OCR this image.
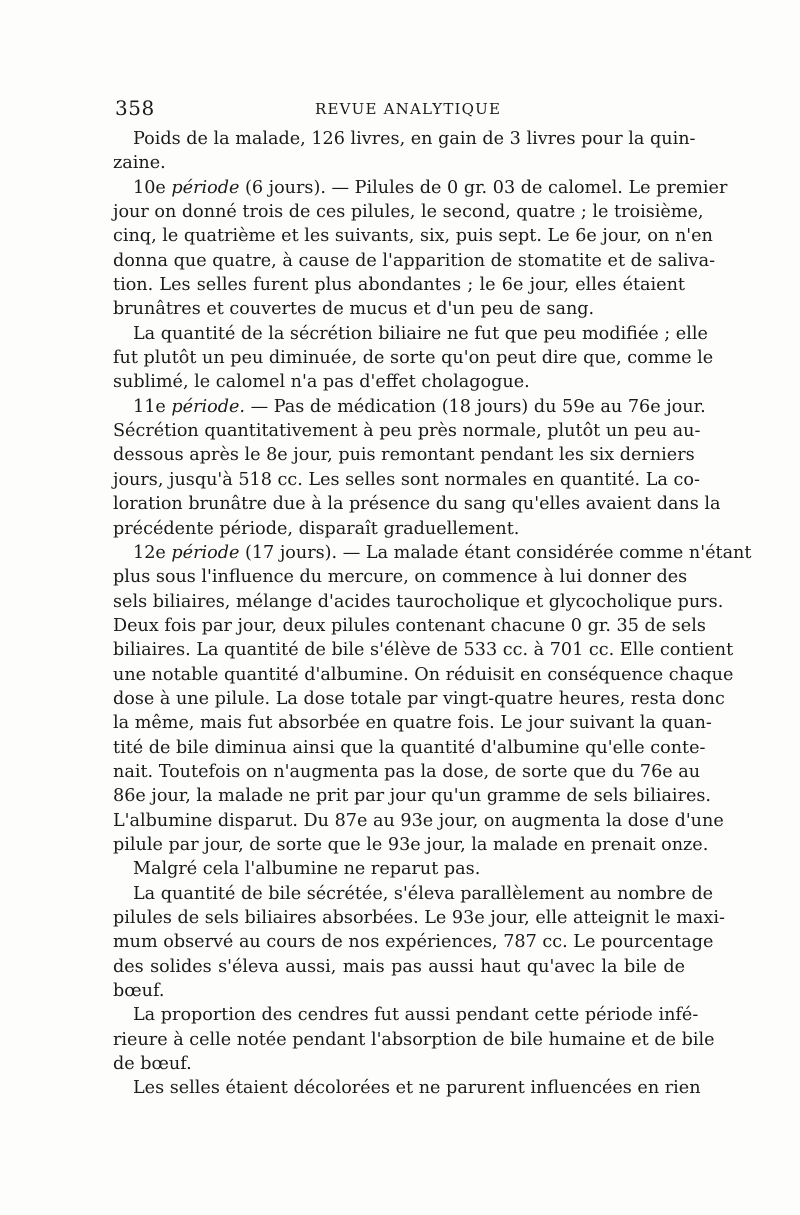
358	REVUE ANALYTIQUE
Poids de la malade, 126 livres, en gain de 3 livres pour la quin-
zaine.
10e période (6 jours). — Pilules de 0 gr. 03 de calomel. Le premier
jour on donné trois de ces pilules, le second, quatre ; le troisième,
cinq, le quatrième et les suivants, six, puis sept. Le 6e jour, on n'en
donna que quatre, à cause de l'apparition de stomatite et de saliva-
tion. Les selles furent plus abondantes ; le 6e jour, elles étaient
brunâtres et couvertes de mucus et d'un peu de sang.
La quantité de la sécrétion biliaire ne fut que peu modifiée ; elle
fut plutôt un peu diminuée, de sorte qu'on peut dire que, comme le
sublimé, le calomel n'a pas d'effet cholagogue.
11e période. — Pas de médication (18 jours) du 59e au 76e jour.
Sécrétion quantitativement à peu près normale, plutôt un peu au-
dessous après le 8e jour, puis remontant pendant les six derniers
jours, jusqu'à 518 cc. Les selles sont normales en quantité. La co-
loration brunâtre due à la présence du sang qu'elles avaient dans la
précédente période, disparaît graduellement.
12e période (17 jours). — La malade étant considérée comme n'étant
plus sous l'influence du mercure, on commence à lui donner des
sels biliaires, mélange d'acides taurocholique et glycocholique purs.
Deux fois par jour, deux pilules contenant chacune 0 gr. 35 de sels
biliaires. La quantité de bile s'élève de 533 cc. à 701 cc. Elle contient
une notable quantité d'albumine. On réduisit en conséquence chaque
dose à une pilule. La dose totale par vingt-quatre heures, resta donc
la même, mais fut absorbée en quatre fois. Le jour suivant la quan-
tité de bile diminua ainsi que la quantité d'albumine qu'elle conte-
nait. Toutefois on n'augmenta pas la dose, de sorte que du 76e au
86e jour, la malade ne prit par jour qu'un gramme de sels biliaires.
L'albumine disparut. Du 87e au 93e jour, on augmenta la dose d'une
pilule par jour, de sorte que le 93e jour, la malade en prenait onze.
Malgré cela l'albumine ne reparut pas.
La quantité de bile sécrétée, s'éleva parallèlement au nombre de
pilules de sels biliaires absorbées. Le 93e jour, elle atteignit le maxi-
mum observé au cours de nos expériences, 787 cc. Le pourcentage
des solides s'éleva aussi, mais pas aussi haut qu'avec la bile de
bœuf.
La proportion des cendres fut aussi pendant cette période infé-
rieure à celle notée pendant l'absorption de bile humaine et de bile
de bœuf.
Les selles étaient décolorées et ne parurent influencées en rien
